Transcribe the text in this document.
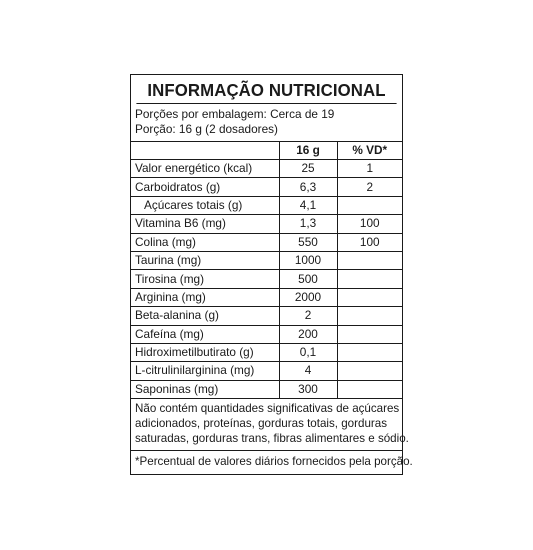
INFORMAÇÃO NUTRICIONAL
Porções por embalagem: Cerca de 19
Porção: 16 g (2 dosadores)
	16 g	% VD*
Valor energético (kcal)	25	1
Carboidratos (g)	6,3	2
Açúcares totais (g)	4,1	
Vitamina B6 (mg)	1,3	100
Colina (mg)	550	100
Taurina (mg)	1000	
Tirosina (mg)	500	
Arginina (mg)	2000	
Beta-alanina (g)	2	
Cafeína (mg)	200	
Hidroximetilbutirato (g)	0,1	
L-citrulinilarginina (mg)	4	
Saponinas (mg)	300	
Não contém quantidades significativas de açúcares
adicionados, proteínas, gorduras totais, gorduras
saturadas, gorduras trans, fibras alimentares e sódio.
*Percentual de valores diários fornecidos pela porção.
